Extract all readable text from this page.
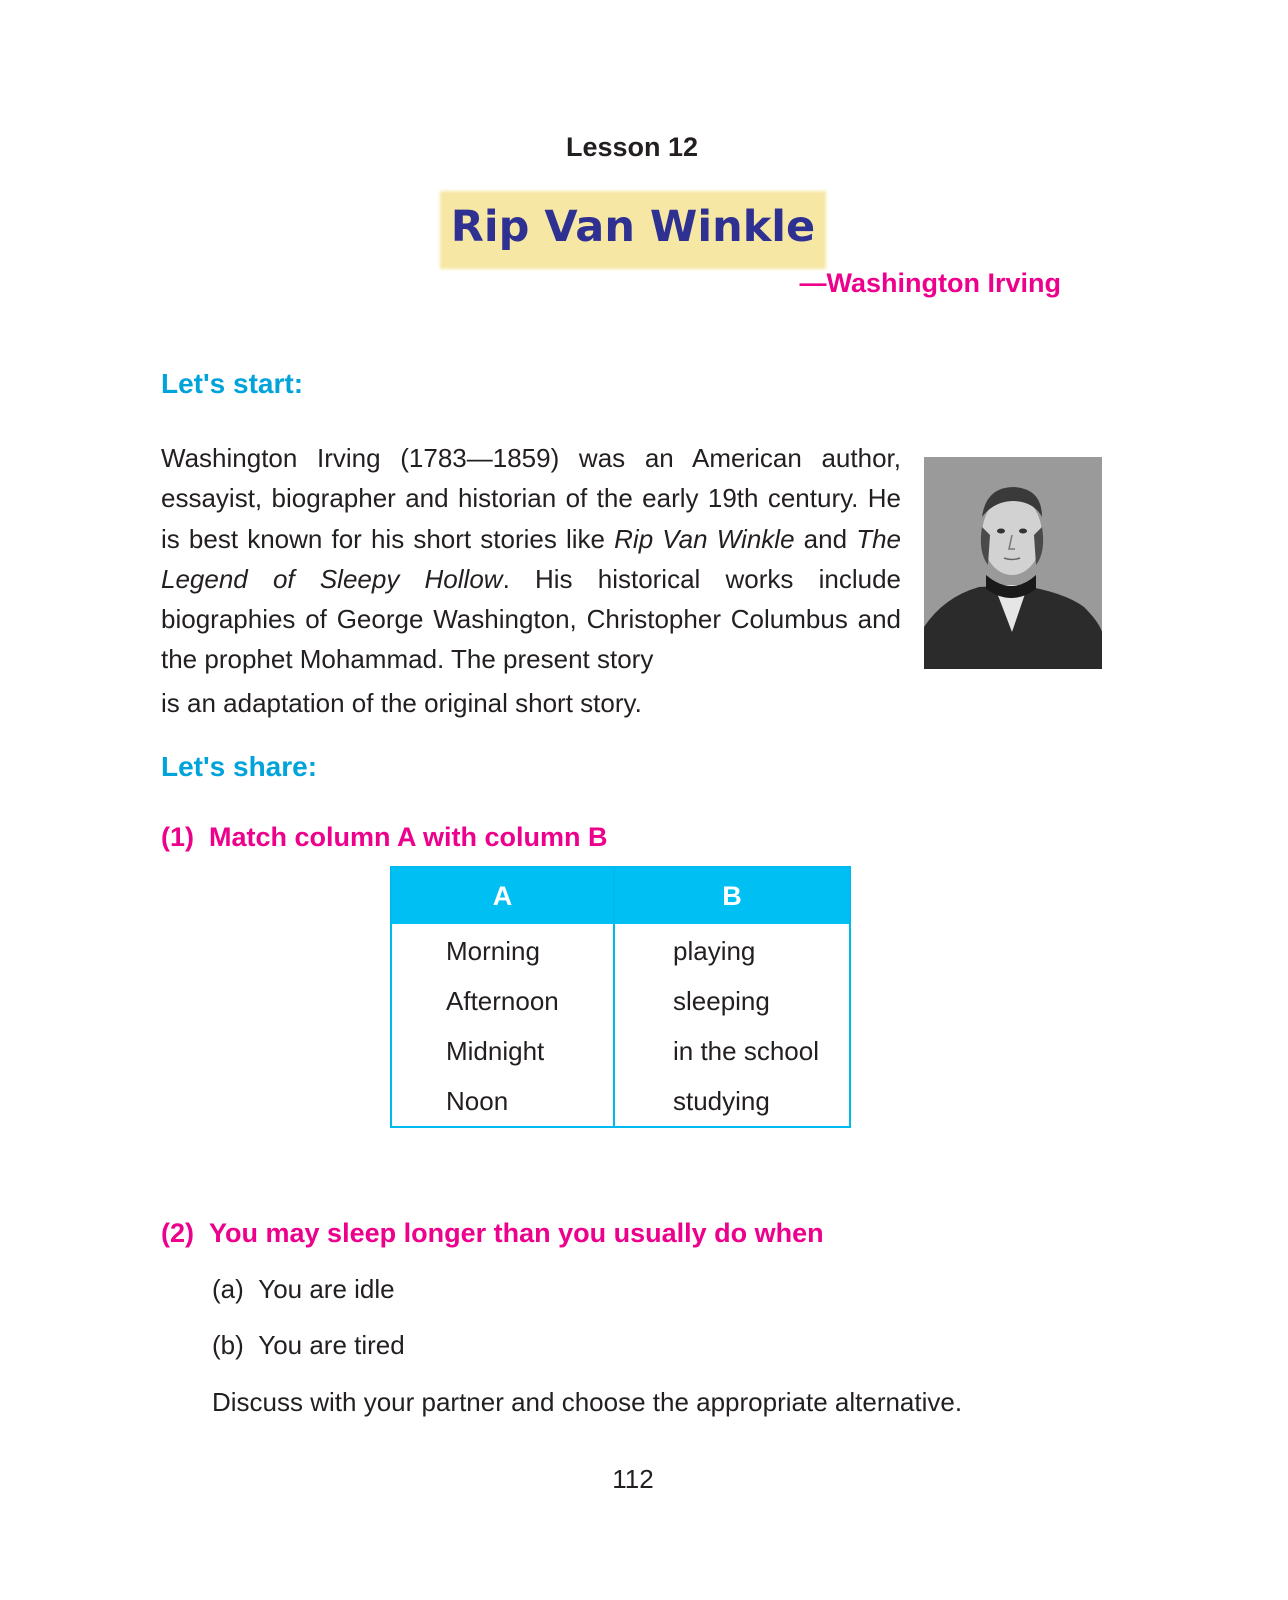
Lesson 12
Rip Van Winkle
—Washington Irving
Let's start:
Washington Irving (1783—1859) was an American author, essayist, biographer and historian of the early 19th century. He is best known for his short stories like Rip Van Winkle and The Legend of Sleepy Hollow. His historical works include biographies of George Washington, Christopher Columbus and the prophet Mohammad. The present story
is an adaptation of the original short story.
Let's share:
(1) Match column A with column B
A	B
Morning	playing
Afternoon	sleeping
Midnight	in the school
Noon	studying
(2) You may sleep longer than you usually do when
(a) You are idle
(b) You are tired
Discuss with your partner and choose the appropriate alternative.
112
